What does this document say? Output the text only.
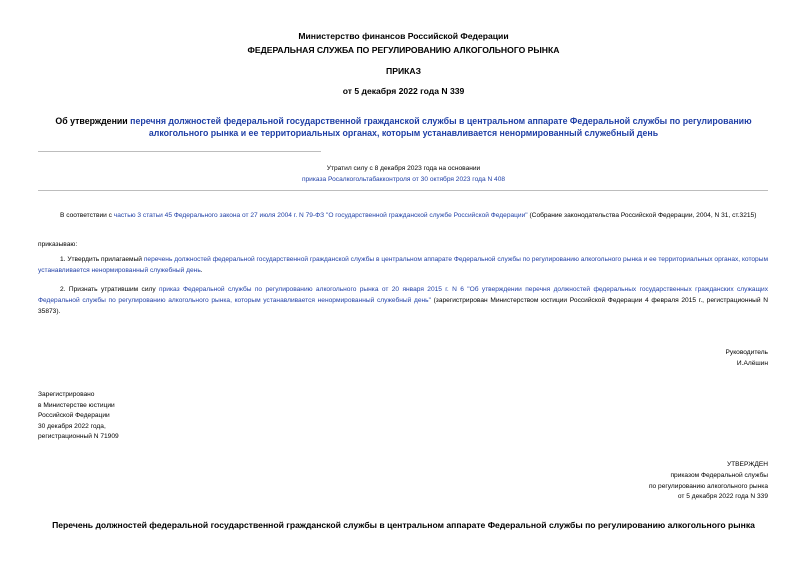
Министерство финансов Российской Федерации
ФЕДЕРАЛЬНАЯ СЛУЖБА ПО РЕГУЛИРОВАНИЮ АЛКОГОЛЬНОГО РЫНКА
ПРИКАЗ
от 5 декабря 2022 года N 339
Об утверждении перечня должностей федеральной государственной гражданской службы в центральном аппарате Федеральной службы по регулированию алкогольного рынка и ее территориальных органах, которым устанавливается ненормированный служебный день
Утратил силу с 8 декабря 2023 года на основании
приказа Росалкогольтабакконтроля от 30 октября 2023 года N 408
В соответствии с частью 3 статьи 45 Федерального закона от 27 июля 2004 г. N 79-ФЗ "О государственной гражданской службе Российской Федерации" (Собрание законодательства Российской Федерации, 2004, N 31, ст.3215)
приказываю:
1. Утвердить прилагаемый перечень должностей федеральной государственной гражданской службы в центральном аппарате Федеральной службы по регулированию алкогольного рынка и ее территориальных органах, которым устанавливается ненормированный служебный день.
2. Признать утратившим силу приказ Федеральной службы по регулированию алкогольного рынка от 20 января 2015 г. N 6 "Об утверждении перечня должностей федеральных государственных гражданских служащих Федеральной службы по регулированию алкогольного рынка, которым устанавливается ненормированный служебный день" (зарегистрирован Министерством юстиции Российской Федерации 4 февраля 2015 г., регистрационный N 35873).
Руководитель
И.Алёшин
Зарегистрировано
в Министерстве юстиции
Российской Федерации
30 декабря 2022 года,
регистрационный N 71909
УТВЕРЖДЕН
приказом Федеральной службы
по регулированию алкогольного рынка
от 5 декабря 2022 года N 339
Перечень должностей федеральной государственной гражданской службы в центральном аппарате Федеральной службы по регулированию алкогольного рынка
